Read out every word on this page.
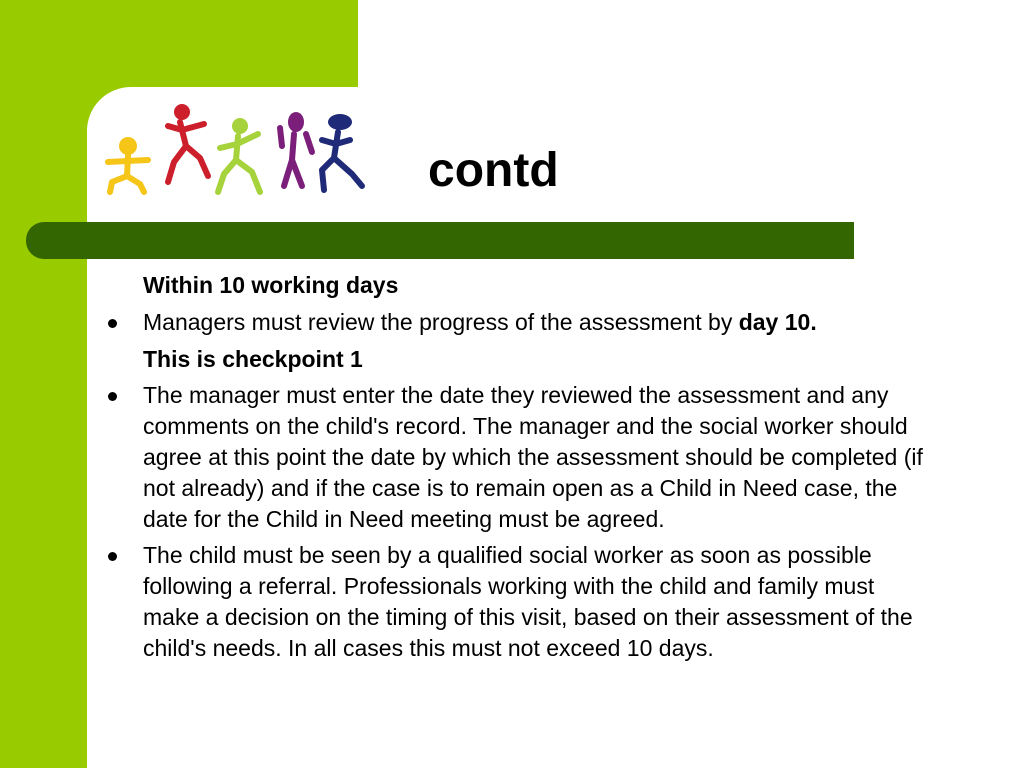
contd
Within 10 working days
Managers must review the progress of the assessment by day 10.
This is checkpoint 1
The manager must enter the date they reviewed the assessment and any comments on the child's record. The manager and the social worker should agree at this point the date by which the assessment should be completed (if not already) and if the case is to remain open as a Child in Need case, the date for the Child in Need meeting must be agreed.
The child must be seen by a qualified social worker as soon as possible following a referral. Professionals working with the child and family must make a decision on the timing of this visit, based on their assessment of the child's needs. In all cases this must not exceed 10 days.
